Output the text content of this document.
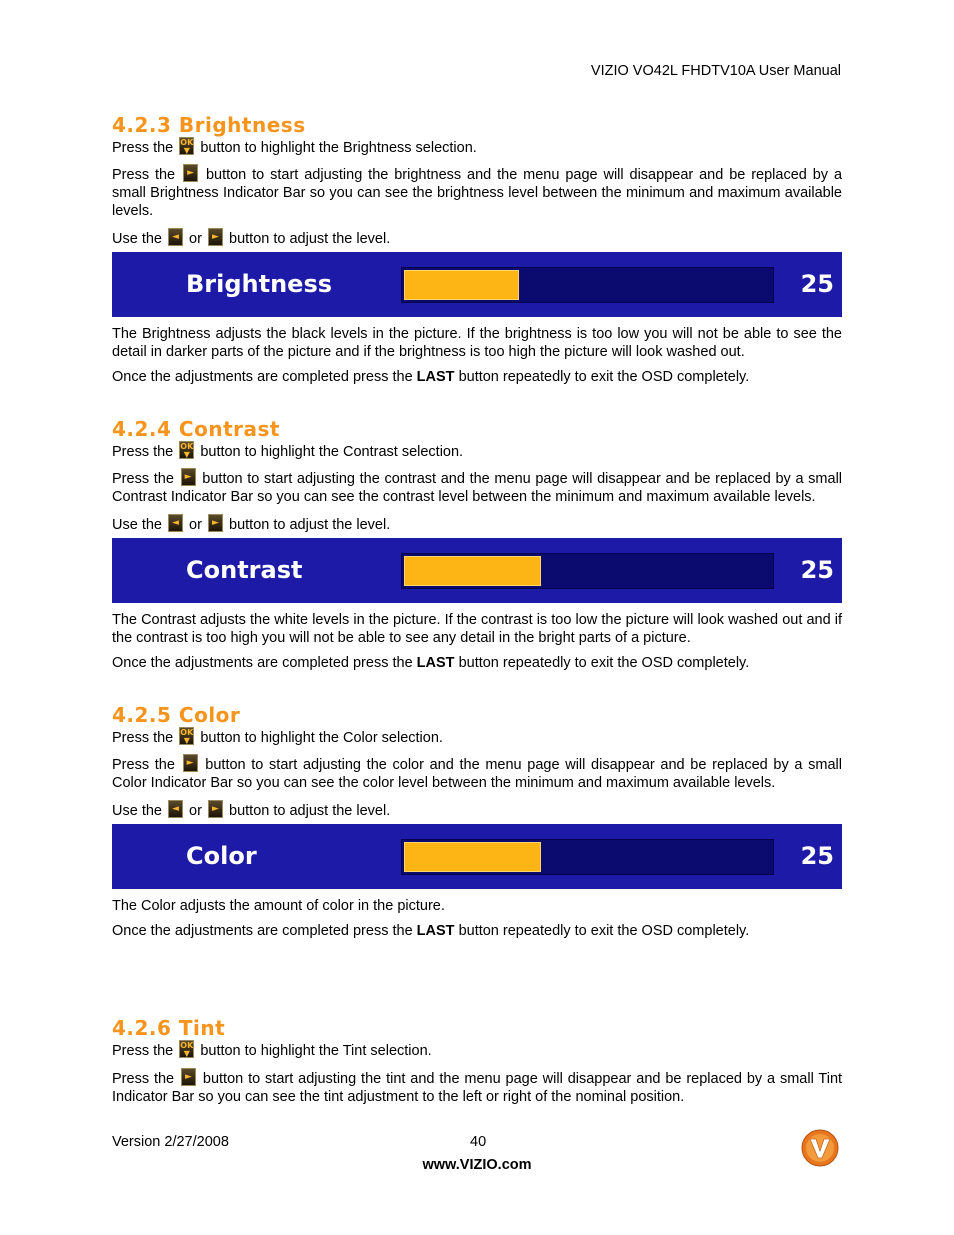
VIZIO VO42L FHDTV10A User Manual
4.2.3 Brightness

Press the OK
▼ button to highlight the Brightness selection.

Press the	► button to start adjusting the brightness and the menu page will disappear and be replaced by a small Brightness Indicator Bar so you can see the brightness level between the minimum and maximum available levels.

Use the	◄ or	► button to adjust the level.

Brightness	25

The Brightness adjusts the black levels in the picture. If the brightness is too low you will not be able to see the detail in darker parts of the picture and if the brightness is too high the picture will look washed out.

Once the adjustments are completed press the LAST button repeatedly to exit the OSD completely.

4.2.4 Contrast

Press the OK
▼ button to highlight the Contrast selection.

Press the	► button to start adjusting the contrast and the menu page will disappear and be replaced by a small Contrast Indicator Bar so you can see the contrast level between the minimum and maximum available levels.

Use the	◄ or	► button to adjust the level.

Contrast	25

The Contrast adjusts the white levels in the picture. If the contrast is too low the picture will look washed out and if the contrast is too high you will not be able to see any detail in the bright parts of a picture.

Once the adjustments are completed press the LAST button repeatedly to exit the OSD completely.

4.2.5 Color

Press the OK
▼ button to highlight the Color selection.

Press the	► button to start adjusting the color and the menu page will disappear and be replaced by a small Color Indicator Bar so you can see the color level between the minimum and maximum available levels.

Use the	◄ or	► button to adjust the level.

Color	25

The Color adjusts the amount of color in the picture.

Once the adjustments are completed press the LAST button repeatedly to exit the OSD completely.

4.2.6 Tint

Press the OK
▼ button to highlight the Tint selection.

Press the	► button to start adjusting the tint and the menu page will disappear and be replaced by a small Tint Indicator Bar so you can see the tint adjustment to the left or right of the nominal position.

Version 2/27/2008	40
www.VIZIO.com
